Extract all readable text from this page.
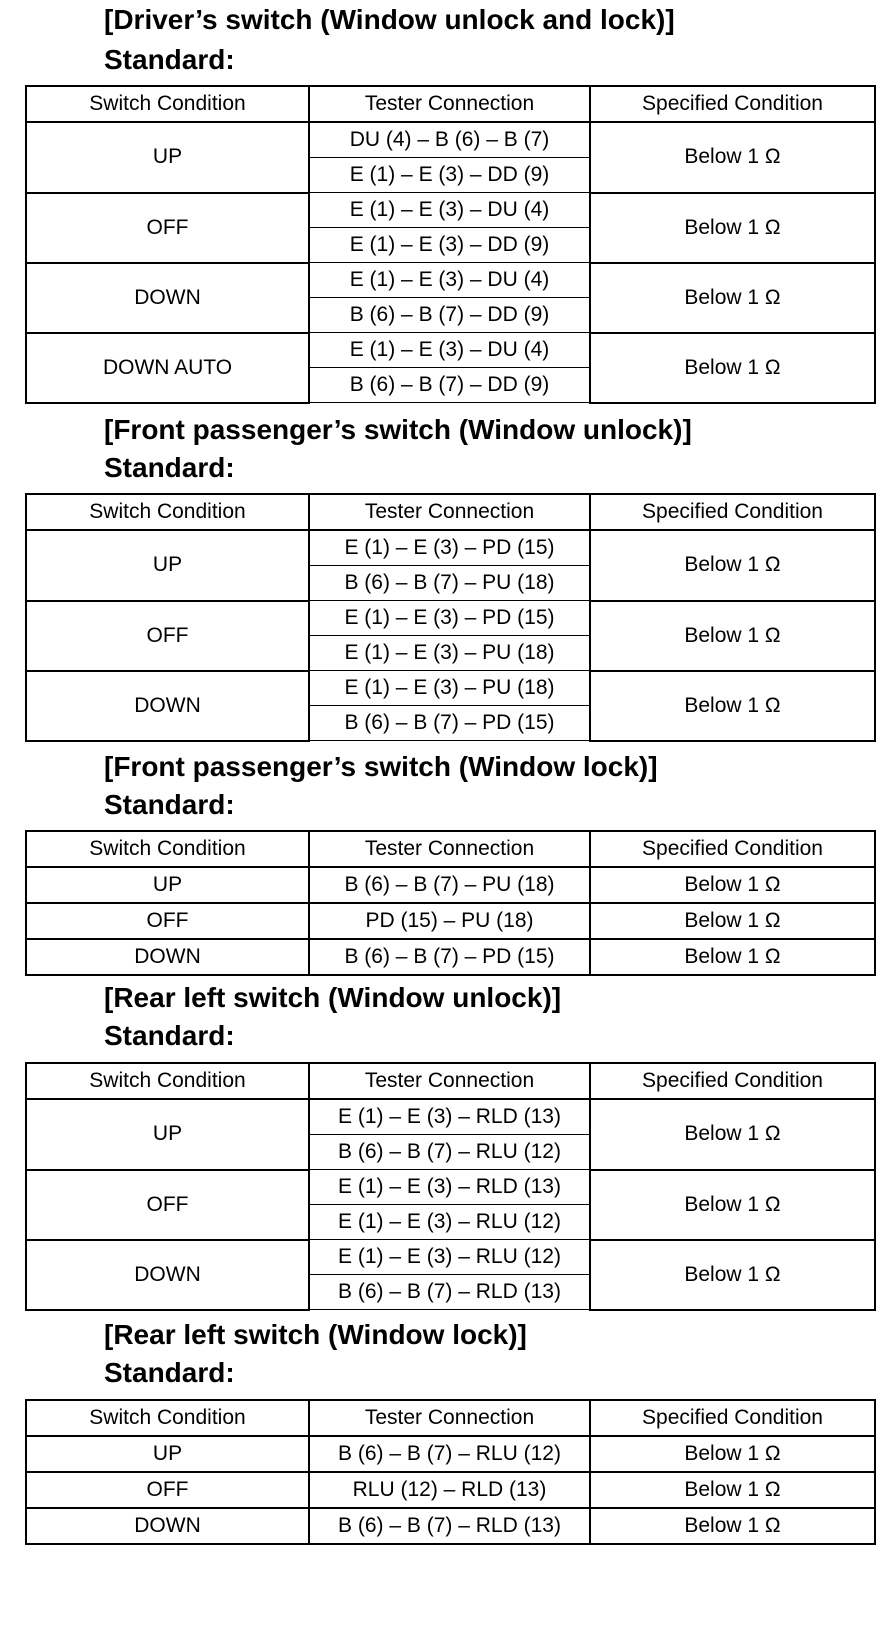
[Driver’s switch (Window unlock and lock)]
Standard:
Switch Condition	Tester Connection	Specified Condition
UP	DU (4) – B (6) – B (7)	Below 1 Ω
	E (1) – E (3) – DD (9)	
OFF	E (1) – E (3) – DU (4)	Below 1 Ω
	E (1) – E (3) – DD (9)	
DOWN	E (1) – E (3) – DU (4)	Below 1 Ω
	B (6) – B (7) – DD (9)	
DOWN AUTO	E (1) – E (3) – DU (4)	Below 1 Ω
	B (6) – B (7) – DD (9)	
[Front passenger’s switch (Window unlock)]
Standard:
Switch Condition	Tester Connection	Specified Condition
UP	E (1) – E (3) – PD (15)	Below 1 Ω
	B (6) – B (7) – PU (18)	
OFF	E (1) – E (3) – PD (15)	Below 1 Ω
	E (1) – E (3) – PU (18)	
DOWN	E (1) – E (3) – PU (18)	Below 1 Ω
	B (6) – B (7) – PD (15)	
[Front passenger’s switch (Window lock)]
Standard:
Switch Condition	Tester Connection	Specified Condition
UP	B (6) – B (7) – PU (18)	Below 1 Ω
OFF	PD (15) – PU (18)	Below 1 Ω
DOWN	B (6) – B (7) – PD (15)	Below 1 Ω
[Rear left switch (Window unlock)]
Standard:
Switch Condition	Tester Connection	Specified Condition
UP	E (1) – E (3) – RLD (13)	Below 1 Ω
	B (6) – B (7) – RLU (12)	
OFF	E (1) – E (3) – RLD (13)	Below 1 Ω
	E (1) – E (3) – RLU (12)	
DOWN	E (1) – E (3) – RLU (12)	Below 1 Ω
	B (6) – B (7) – RLD (13)	
[Rear left switch (Window lock)]
Standard:
Switch Condition	Tester Connection	Specified Condition
UP	B (6) – B (7) – RLU (12)	Below 1 Ω
OFF	RLU (12) – RLD (13)	Below 1 Ω
DOWN	B (6) – B (7) – RLD (13)	Below 1 Ω
